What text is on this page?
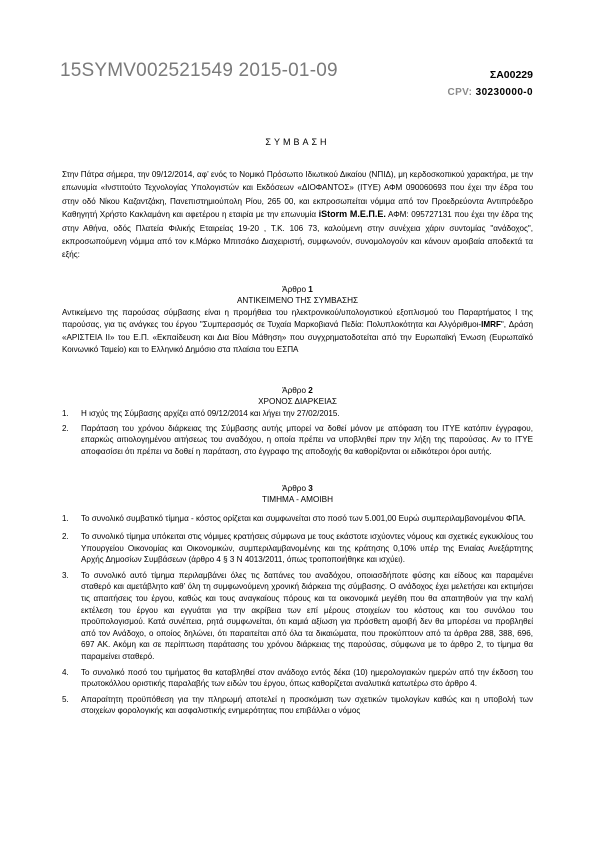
15SYMV002521549 2015-01-09	ΣΑ00229
CPV: 30230000-0
ΣΥΜΒΑΣΗ
Στην Πάτρα σήμερα, την 09/12/2014, αφ’ ενός το Νομικό Πρόσωπο Ιδιωτικού Δικαίου (ΝΠΙΔ), μη κερδοσκοπικού χαρακτήρα, με την επωνυμία «Ινστιτούτο Τεχνολογίας Υπολογιστών και Εκδόσεων «ΔΙΟΦΑΝΤΟΣ» (ΙΤΥΕ) ΑΦΜ 090060693 που έχει την έδρα του στην οδό Νίκου Καζαντζάκη, Πανεπιστημιούπολη Ρίου, 265 00, και εκπροσωπείται νόμιμα από τον Προεδρεύοντα Αντιπρόεδρο Καθηγητή Χρήστο Κακλαμάνη και αφετέρου η εταιρία με την επωνυμία iStorm Μ.Ε.Π.Ε. ΑΦΜ: 095727131 που έχει την έδρα της στην Αθήνα, οδός Πλατεία Φιλικής Εταιρείας 19-20 , Τ.Κ. 106 73, καλούμενη στην συνέχεια χάριν συντομίας "ανάδοχος", εκπροσωπούμενη νόμιμα από τον κ.Μάρκο Μπιτσάκο Διαχειριστή, συμφωνούν, συνομολογούν και κάνουν αμοιβαία αποδεκτά τα εξής:
Άρθρο 1
ΑΝΤΙΚΕΙΜΕΝΟ ΤΗΣ ΣΥΜΒΑΣΗΣ
Αντικείμενο της παρούσας σύμβασης είναι η προμήθεια του ηλεκτρονικού/υπολογιστικού εξοπλισμού του Παραρτήματος Ι της παρούσας, για τις ανάγκες του έργου "Συμπερασμός σε Τυχαία Μαρκοβιανά Πεδία: Πολυπλοκότητα και Αλγόριθμοι-IMRF", Δράση «ΑΡΙΣΤΕΙΑ ΙΙ» του Ε.Π. «Εκπαίδευση και Δια Βίου Μάθηση» που συγχρηματοδοτείται από την Ευρωπαϊκή Ένωση (Ευρωπαϊκό Κοινωνικό Ταμείο) και το Ελληνικό Δημόσιο στα πλαίσια του ΕΣΠΑ
Άρθρο 2
ΧΡΟΝΟΣ ΔΙΑΡΚΕΙΑΣ
1. Η ισχύς της Σύμβασης αρχίζει από 09/12/2014 και λήγει την 27/02/2015.
2. Παράταση του χρόνου διάρκειας της Σύμβασης αυτής μπορεί να δοθεί μόνον με απόφαση του ΙΤΥΕ κατόπιν έγγραφου, επαρκώς αιτιολογημένου αιτήσεως του αναδόχου, η οποία πρέπει να υποβληθεί πριν την λήξη της παρούσας. Αν το ΙΤΥΕ αποφασίσει ότι πρέπει να δοθεί η παράταση, στο έγγραφο της αποδοχής θα καθορίζονται οι ειδικότεροι όροι αυτής.
Άρθρο 3
ΤΙΜΗΜΑ - ΑΜΟΙΒΗ
1. Το συνολικό συμβατικό τίμημα - κόστος ορίζεται και συμφωνείται στο ποσό των 5.001,00 Ευρώ συμπεριλαμβανομένου ΦΠΑ.
2. Το συνολικό τίμημα υπόκειται στις νόμιμες κρατήσεις σύμφωνα με τους εκάστοτε ισχύοντες νόμους και σχετικές εγκυκλίους του Υπουργείου Οικονομίας και Οικονομικών, συμπεριλαμβανομένης και της κράτησης 0,10% υπέρ της Ενιαίας Ανεξάρτητης Αρχής Δημοσίων Συμβάσεων (άρθρο 4 § 3 Ν 4013/2011, όπως τροποποιήθηκε και ισχύει).
3. Το συνολικό αυτό τίμημα περιλαμβάνει όλες τις δαπάνες του αναδόχου, οποιασδήποτε φύσης και είδους και παραμένει σταθερό και αμετάβλητο καθ’ όλη τη συμφωνούμενη χρονική διάρκεια της σύμβασης. Ο ανάδοχος έχει μελετήσει και εκτιμήσει τις απαιτήσεις του έργου, καθώς και τους αναγκαίους πόρους και τα οικονομικά μεγέθη που θα απαιτηθούν για την καλή εκτέλεση του έργου και εγγυάται για την ακρίβεια των επί μέρους στοιχείων του κόστους και του συνόλου του προϋπολογισμού. Κατά συνέπεια, ρητά συμφωνείται, ότι καμιά αξίωση για πρόσθετη αμοιβή δεν θα μπορέσει να προβληθεί από τον Ανάδοχο, ο οποίος δηλώνει, ότι παραιτείται από όλα τα δικαιώματα, που προκύπτουν από τα άρθρα 288, 388, 696, 697 ΑΚ. Ακόμη και σε περίπτωση παράτασης του χρόνου διάρκειας της παρούσας, σύμφωνα με το άρθρο 2, το τίμημα θα παραμείνει σταθερό.
4. Το συνολικό ποσό του τιμήματος θα καταβληθεί στον ανάδοχο εντός δέκα (10) ημερολογιακών ημερών από την έκδοση του πρωτοκόλλου οριστικής παραλαβής των ειδών του έργου, όπως καθορίζεται αναλυτικά κατωτέρω στο άρθρο 4.
5. Απαραίτητη προϋπόθεση για την πληρωμή αποτελεί η προσκόμιση των σχετικών τιμολογίων καθώς και η υποβολή των στοιχείων φορολογικής και ασφαλιστικής ενημερότητας που επιβάλλει ο νόμος
